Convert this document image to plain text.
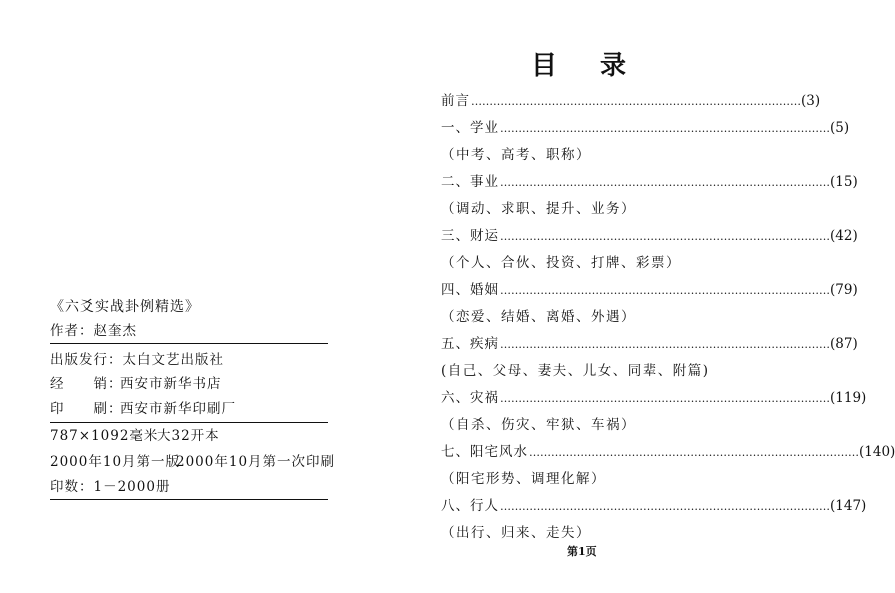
《六爻实战卦例精选》
作者：赵奎杰
出版发行：太白文艺出版社
经　　销：西安市新华书店
印　　刷：西安市新华印刷厂
787×1092毫米大32开本
2000年10月第一版2000年10月第一次印刷
印数：1－2000册
目 录
前言 ……………………………………………………………………………… (3)
一、学业 ……………………………………………………………………………… (5)
（中考、高考、职称）
二、事业 ……………………………………………………………………………… (15)
（调动、求职、提升、业务）
三、财运 ……………………………………………………………………………… (42)
（个人、合伙、投资、打牌、彩票）
四、婚姻 ……………………………………………………………………………… (79)
（恋爱、结婚、离婚、外遇）
五、疾病 ……………………………………………………………………………… (87)
(自己、父母、妻夫、儿女、同辈、附篇)
六、灾祸 ……………………………………………………………………………… (119)
（自杀、伤灾、牢狱、车祸）
七、阳宅风水 ……………………………………………………………………………… (140)
（阳宅形势、调理化解）
八、行人 ……………………………………………………………………………… (147)
（出行、归来、走失）
第1页
